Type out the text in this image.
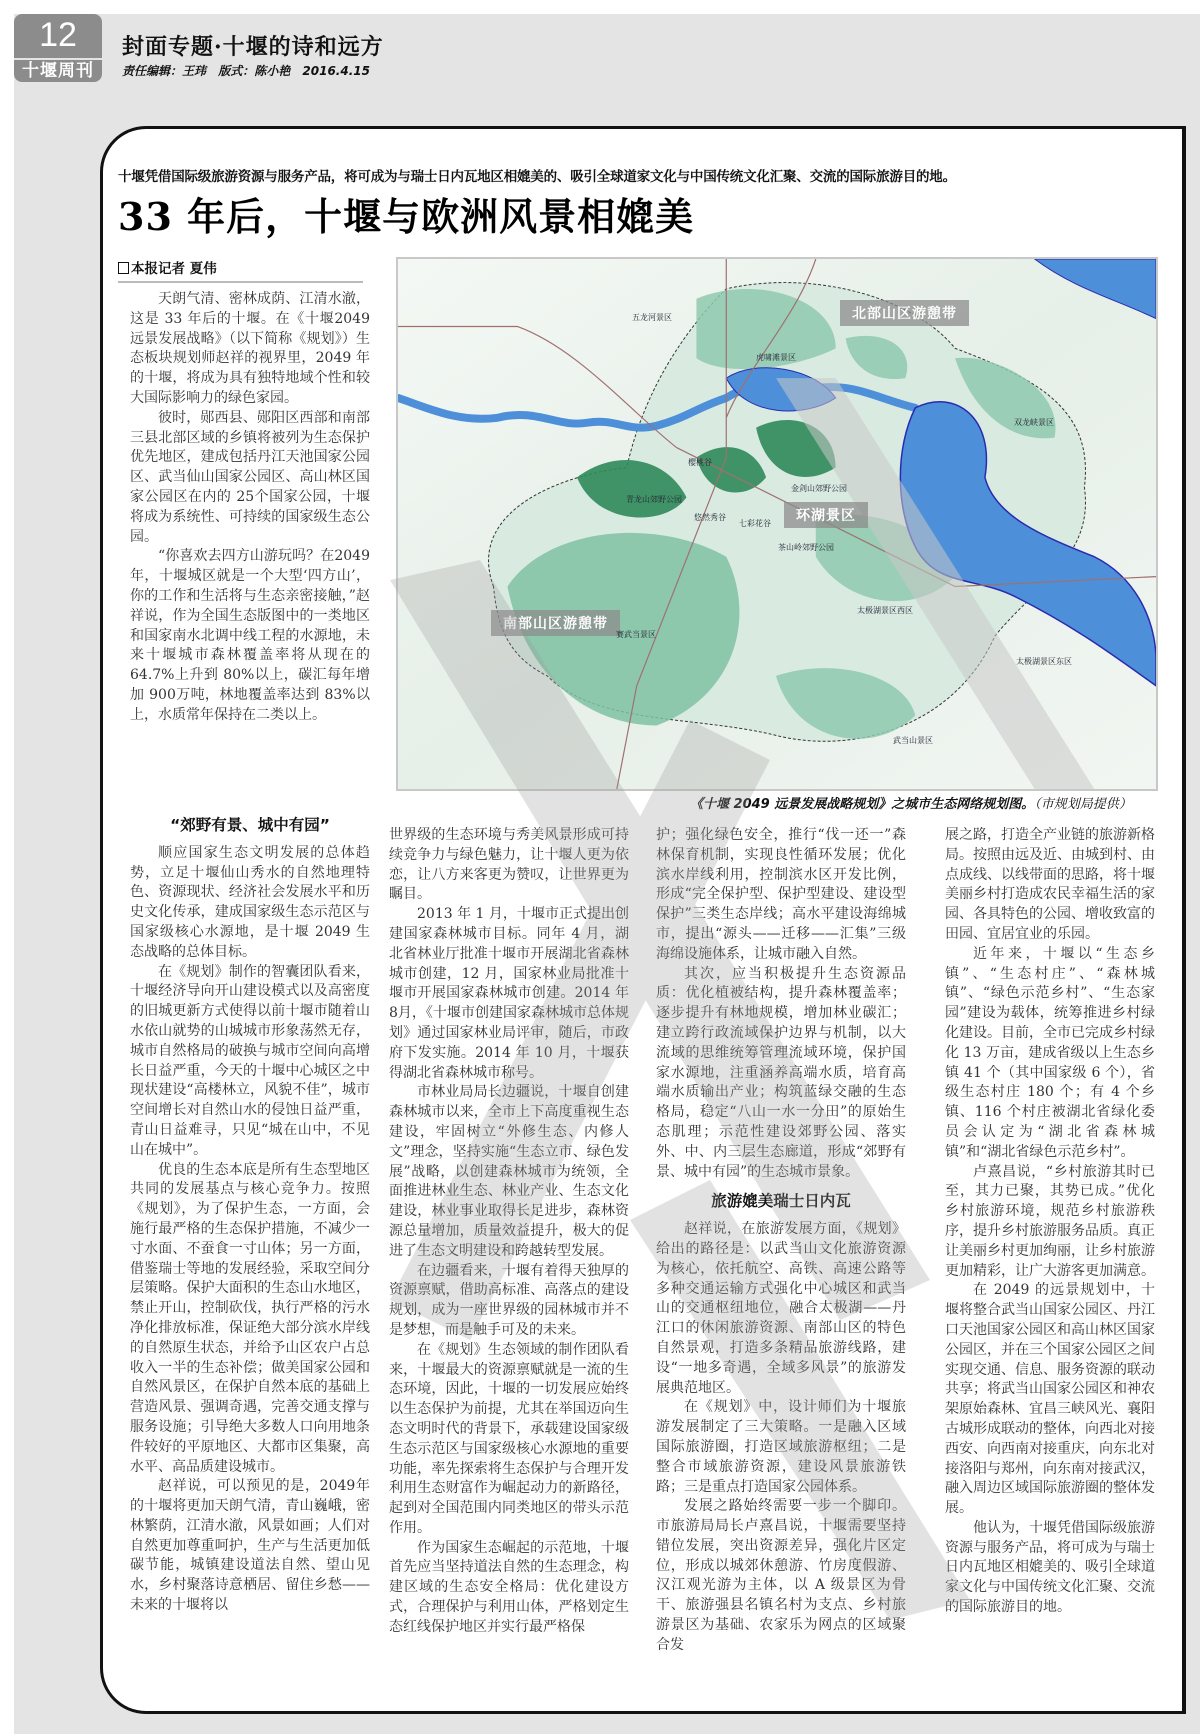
12
十堰周刊
封面专题·十堰的诗和远方
责任编辑：王玮 版式：陈小艳 2016.4.15
十堰凭借国际级旅游资源与服务产品，将可成为与瑞士日内瓦地区相媲美的、吸引全球道家文化与中国传统文化汇聚、交流的国际旅游目的地。
33 年后，十堰与欧洲风景相媲美
本报记者 夏伟

天朗气清、密林成荫、江清水澈，这是 33 年后的十堰。在《十堰2049 远景发展战略》（以下简称《规划》）生态板块规划师赵祥的视界里，2049 年的十堰，将成为具有独特地域个性和较大国际影响力的绿色家园。

彼时，郧西县、郧阳区西部和南部三县北部区域的乡镇将被列为生态保护优先地区，建成包括丹江天池国家公园区、武当仙山国家公园区、高山林区国家公园区在内的 25个国家公园，十堰将成为系统性、可持续的国家级生态公园。

“你喜欢去四方山游玩吗？在2049 年，十堰城区就是一个大型‘四方山’，你的工作和生活将与生态亲密接触，”赵祥说，作为全国生态版图中的一类地区和国家南水北调中线工程的水源地，未来十堰城市森林覆盖率将从现在的 64.7%上升到 80%以上，碳汇每年增加 900万吨，林地覆盖率达到 83%以上，水质常年保持在二类以上。

“郊野有景、城中有园”

顺应国家生态文明发展的总体趋势，立足十堰仙山秀水的自然地理特色、资源现状、经济社会发展水平和历史文化传承，建成国家级生态示范区与国家级核心水源地，是十堰 2049 生态战略的总体目标。

在《规划》制作的智囊团队看来，十堰经济导向开山建设模式以及高密度的旧城更新方式使得以前十堰市随着山水依山就势的山城城市形象荡然无存，城市自然格局的破换与城市空间向高增长日益严重，今天的十堰中心城区之中现状建设“高楼林立，风貌不佳”，城市空间增长对自然山水的侵蚀日益严重，青山日益难寻，只见“城在山中，不见山在城中”。

优良的生态本底是所有生态型地区共同的发展基点与核心竞争力。按照《规划》，为了保护生态，一方面，会施行最严格的生态保护措施，不减少一寸水面、不蚕食一寸山体；另一方面，借鉴瑞士等地的发展经验，采取空间分层策略。保护大面积的生态山水地区，禁止开山，控制砍伐，执行严格的污水净化排放标准，保证绝大部分滨水岸线的自然原生状态，并给予山区农户占总收入一半的生态补偿；做美国家公园和自然风景区，在保护自然本底的基础上营造风景、强调奇遇，完善交通支撑与服务设施；引导绝大多数人口向用地条件较好的平原地区、大都市区集聚，高水平、高品质建设城市。

赵祥说，可以预见的是，2049年的十堰将更加天朗气清，青山巍峨，密林繁荫，江清水澈，风景如画；人们对自然更加尊重呵护，生产与生活更加低碳节能，城镇建设道法自然、望山见水，乡村聚落诗意栖居、留住乡愁——未来的十堰将以

世界级的生态环境与秀美风景形成可持续竞争力与绿色魅力，让十堰人更为依恋，让八方来客更为赞叹，让世界更为瞩目。

2013 年 1 月，十堰市正式提出创建国家森林城市目标。同年 4 月，湖北省林业厅批准十堰市开展湖北省森林城市创建，12 月，国家林业局批准十堰市开展国家森林城市创建。2014 年 8月，《十堰市创建国家森林城市总体规划》通过国家林业局评审，随后，市政府下发实施。2014 年 10 月，十堰获得湖北省森林城市称号。

市林业局局长边疆说，十堰自创建森林城市以来，全市上下高度重视生态建设，牢固树立“外修生态、内修人文”理念，坚持实施“生态立市、绿色发展”战略，以创建森林城市为统领，全面推进林业生态、林业产业、生态文化建设，林业事业取得长足进步，森林资源总量增加，质量效益提升，极大的促进了生态文明建设和跨越转型发展。

在边疆看来，十堰有着得天独厚的资源禀赋，借助高标准、高落点的建设规划，成为一座世界级的园林城市并不是梦想，而是触手可及的未来。

在《规划》生态领域的制作团队看来，十堰最大的资源禀赋就是一流的生态环境，因此，十堰的一切发展应始终以生态保护为前提，尤其在举国迈向生态文明时代的背景下，承载建设国家级生态示范区与国家级核心水源地的重要功能，率先探索将生态保护与合理开发利用生态财富作为崛起动力的新路径，起到对全国范围内同类地区的带头示范作用。

作为国家生态崛起的示范地，十堰首先应当坚持道法自然的生态理念，构建区域的生态安全格局：优化建设方式，合理保护与利用山体，严格划定生态红线保护地区并实行最严格保

护；强化绿色安全，推行“伐一还一”森林保育机制，实现良性循环发展；优化滨水岸线利用，控制滨水区开发比例，形成“完全保护型、保护型建设、建设型保护”三类生态岸线；高水平建设海绵城市，提出“源头——迁移——汇集”三级海绵设施体系，让城市融入自然。

其次，应当积极提升生态资源品质：优化植被结构，提升森林覆盖率；逐步提升有林地规模，增加林业碳汇；建立跨行政流域保护边界与机制，以大流域的思维统筹管理流域环境，保护国家水源地，注重涵养高端水质，培育高端水质输出产业；构筑蓝绿交融的生态格局，稳定“八山一水一分田”的原始生态肌理；示范性建设郊野公园、落实外、中、内三层生态廊道，形成“郊野有景、城中有园”的生态城市景象。

旅游媲美瑞士日内瓦

赵祥说，在旅游发展方面，《规划》给出的路径是：以武当山文化旅游资源为核心，依托航空、高铁、高速公路等多种交通运输方式强化中心城区和武当山的交通枢纽地位，融合太极湖——丹江口的休闲旅游资源、南部山区的特色自然景观，打造多条精品旅游线路，建设“一地多奇遇，全域多风景”的旅游发展典范地区。

在《规划》中，设计师们为十堰旅游发展制定了三大策略。一是融入区域国际旅游圈，打造区域旅游枢纽；二是整合市域旅游资源，建设风景旅游铁路；三是重点打造国家公园体系。

发展之路始终需要一步一个脚印。市旅游局局长卢熹昌说，十堰需要坚持错位发展，突出资源差异，强化片区定位，形成以城郊休憩游、竹房度假游、汉江观光游为主体，以 A 级景区为骨干、旅游强县名镇名村为支点、乡村旅游景区为基础、农家乐为网点的区域聚合发

展之路，打造全产业链的旅游新格局。按照由远及近、由城到村、由点成线、以线带面的思路，将十堰美丽乡村打造成农民幸福生活的家园、各具特色的公园、增收致富的田园、宜居宜业的乐园。

近年来，十堰以“生态乡镇”、“生态村庄”、“森林城镇”、“绿色示范乡村”、“生态家园”建设为载体，统筹推进乡村绿化建设。目前，全市已完成乡村绿化 13 万亩，建成省级以上生态乡镇 41 个（其中国家级 6 个），省级生态村庄 180 个；有 4 个乡镇、116 个村庄被湖北省绿化委员会认定为“湖北省森林城镇”和“湖北省绿色示范乡村”。

卢熹昌说，“乡村旅游其时已至，其力已聚，其势已成。”优化乡村旅游环境，规范乡村旅游秩序，提升乡村旅游服务品质。真正让美丽乡村更加绚丽，让乡村旅游更加精彩，让广大游客更加满意。

在 2049 的远景规划中，十堰将整合武当山国家公园区、丹江口天池国家公园区和高山林区国家公园区，并在三个国家公园区之间实现交通、信息、服务资源的联动共享；将武当山国家公园区和神农架原始森林、宜昌三峡风光、襄阳古城形成联动的整体，向西北对接西安、向西南对接重庆，向东北对接洛阳与郑州，向东南对接武汉，融入周边区域国际旅游圈的整体发展。

他认为，十堰凭借国际级旅游资源与服务产品，将可成为与瑞士日内瓦地区相媲美的、吸引全球道家文化与中国传统文化汇聚、交流的国际旅游目的地。

北部山区游憩带
南部山区游憩带
环湖景区
五龙河景区
虎啸滩景区
双龙峡景区
樱桃谷
青龙山郊野公园
金剑山郊野公园
悠然秀谷
七彩花谷
茶山岭郊野公园
赛武当景区
太极湖景区西区
太极湖景区东区
武当山景区
《十堰 2049 远景发展战略规划》之城市生态网络规划图。（市规划局提供）
